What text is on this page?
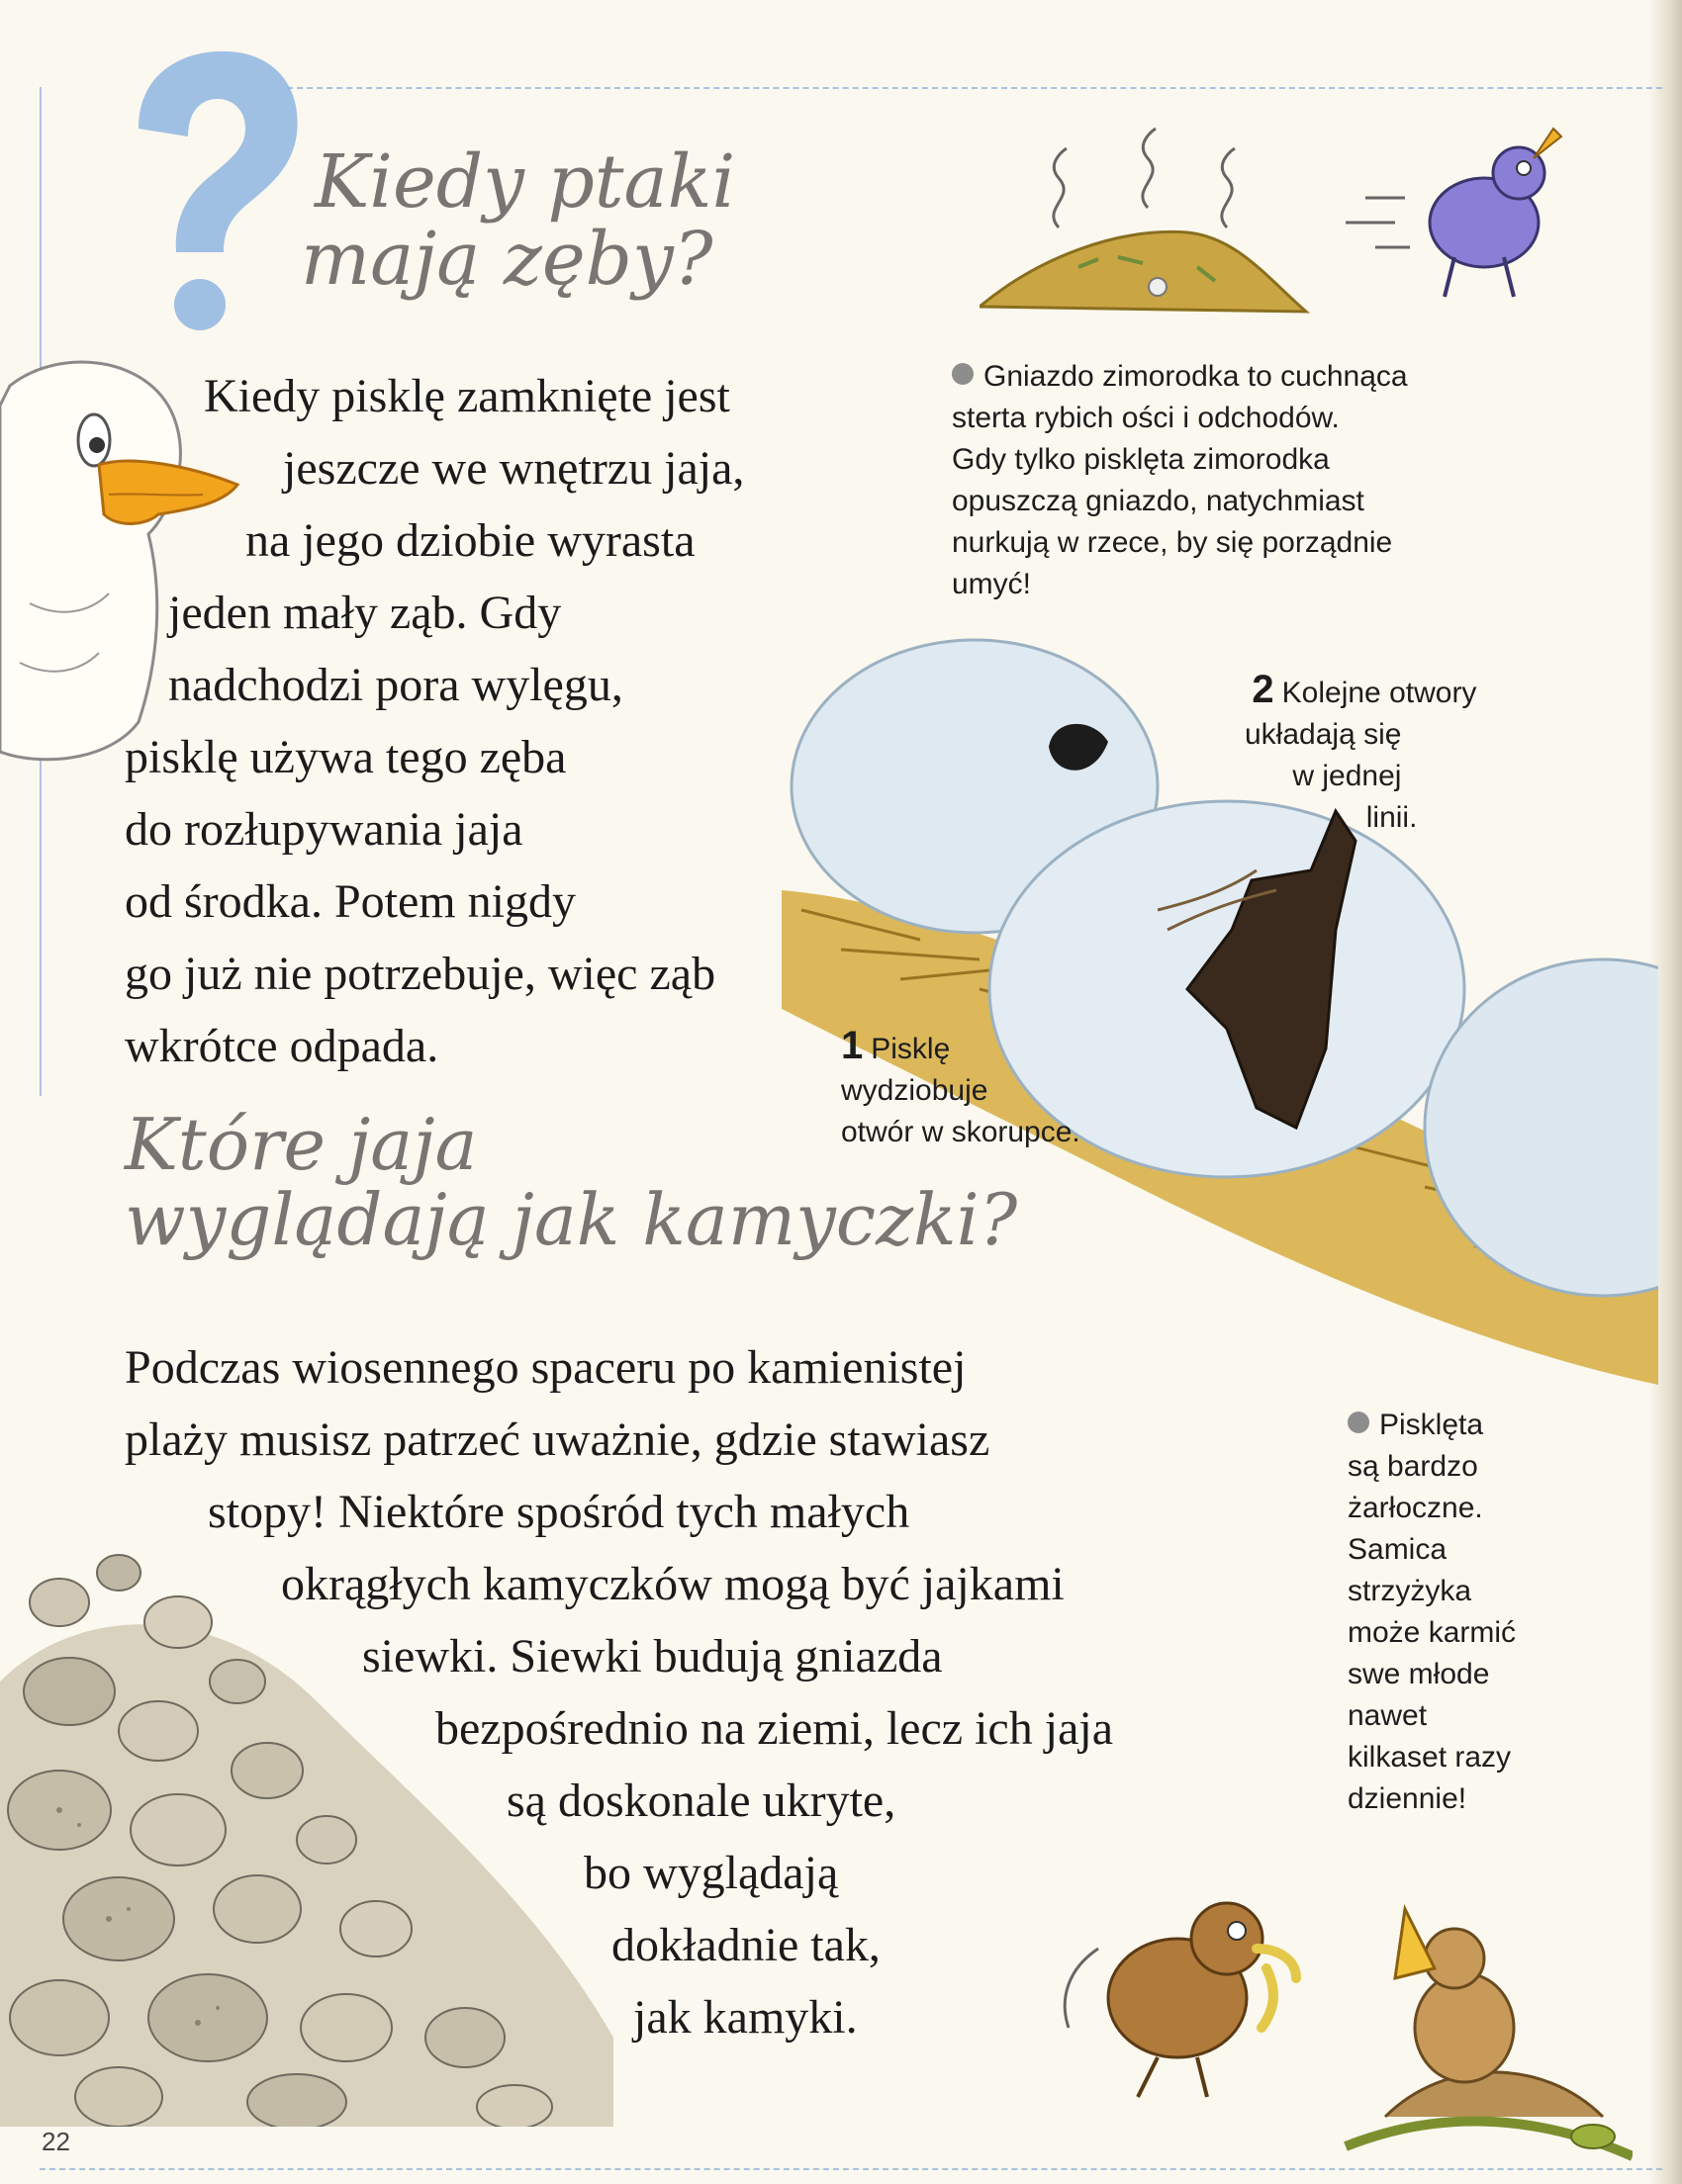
Kiedy ptaki
mają zęby?
Kiedy pisklę zamknięte jest
jeszcze we wnętrzu jaja,
na jego dziobie wyrasta
jeden mały ząb. Gdy
nadchodzi pora wylęgu,
pisklę używa tego zęba
do rozłupywania jaja
od środka. Potem nigdy
go już nie potrzebuje, więc ząb
wkrótce odpada.
Gniazdo zimorodka to cuchnąca
sterta rybich ości i odchodów.
Gdy tylko pisklęta zimorodka
opuszczą gniazdo, natychmiast
nurkują w rzece, by się porządnie
umyć!
2 Kolejne otwory
układają się
w jednej
linii.
1 Pisklę
wydziobuje
otwór w skorupce.
Które jaja
wyglądają jak kamyczki?
Podczas wiosennego spaceru po kamienistej
plaży musisz patrzeć uważnie, gdzie stawiasz
stopy! Niektóre spośród tych małych
okrągłych kamyczków mogą być jajkami
siewki. Siewki budują gniazda
bezpośrednio na ziemi, lecz ich jaja
są doskonale ukryte,
bo wyglądają
dokładnie tak,
jak kamyki.
Pisklęta
są bardzo
żarłoczne.
Samica
strzyżyka
może karmić
swe młode
nawet
kilkaset razy
dziennie!
22
